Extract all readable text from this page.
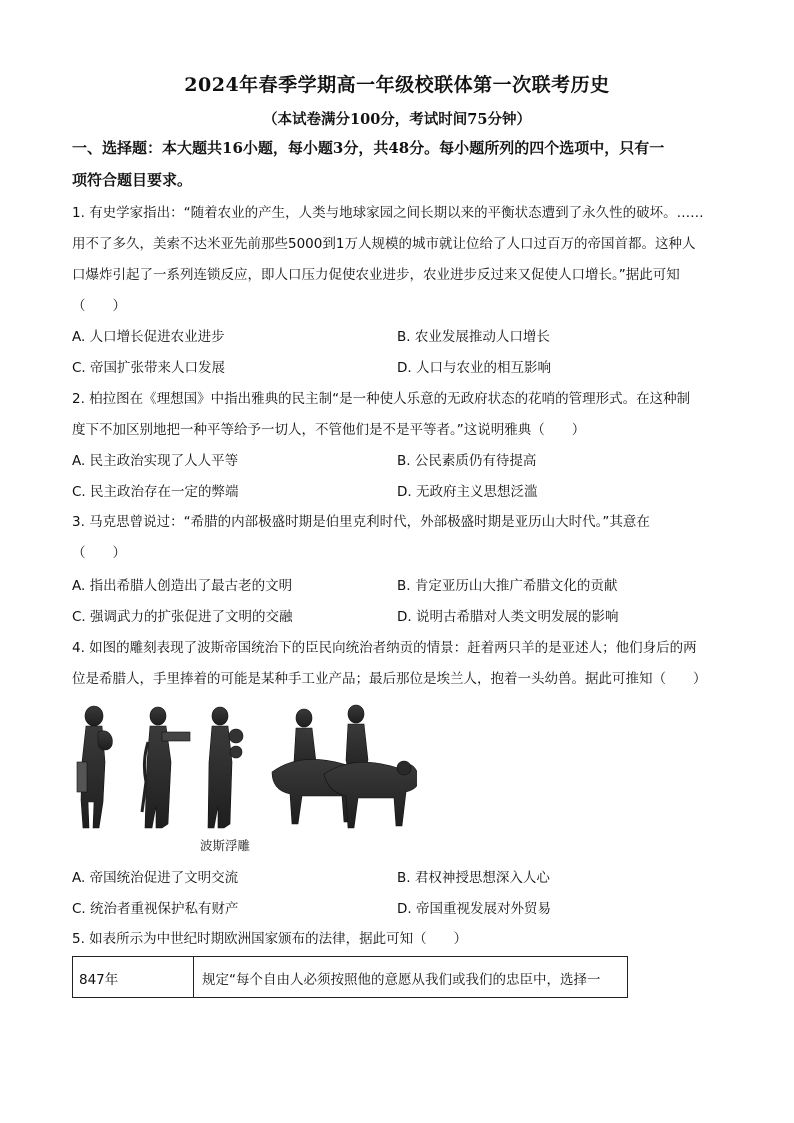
2024年春季学期高一年级校联体第一次联考历史
（本试卷满分100分，考试时间75分钟）
一、选择题：本大题共16小题，每小题3分，共48分。每小题所列的四个选项中，只有一
项符合题目要求。
1. 有史学家指出：“随着农业的产生，人类与地球家园之间长期以来的平衡状态遭到了永久性的破坏。……
用不了多久，美索不达米亚先前那些5000到1万人规模的城市就让位给了人口过百万的帝国首都。这种人
口爆炸引起了一系列连锁反应，即人口压力促使农业进步，农业进步反过来又促使人口增长。”据此可知
（　　）
A. 人口增长促进农业进步	B. 农业发展推动人口增长
C. 帝国扩张带来人口发展	D. 人口与农业的相互影响
2. 柏拉图在《理想国》中指出雅典的民主制“是一种使人乐意的无政府状态的花哨的管理形式。在这种制
度下不加区别地把一种平等给予一切人，不管他们是不是平等者。”这说明雅典（　　）
A. 民主政治实现了人人平等	B. 公民素质仍有待提高
C. 民主政治存在一定的弊端	D. 无政府主义思想泛滥
3. 马克思曾说过：“希腊的内部极盛时期是伯里克利时代，外部极盛时期是亚历山大时代。”其意在
（　　）
A. 指出希腊人创造出了最古老的文明	B. 肯定亚历山大推广希腊文化的贡献
C. 强调武力的扩张促进了文明的交融	D. 说明古希腊对人类文明发展的影响
4. 如图的雕刻表现了波斯帝国统治下的臣民向统治者纳贡的情景：赶着两只羊的是亚述人；他们身后的两
位是希腊人，手里捧着的可能是某种手工业产品；最后那位是埃兰人，抱着一头幼兽。据此可推知（　　）
波斯浮雕
A. 帝国统治促进了文明交流	B. 君权神授思想深入人心
C. 统治者重视保护私有财产	D. 帝国重视发展对外贸易
5. 如表所示为中世纪时期欧洲国家颁布的法律，据此可知（　　）
847年	规定“每个自由人必须按照他的意愿从我们或我们的忠臣中，选择一
